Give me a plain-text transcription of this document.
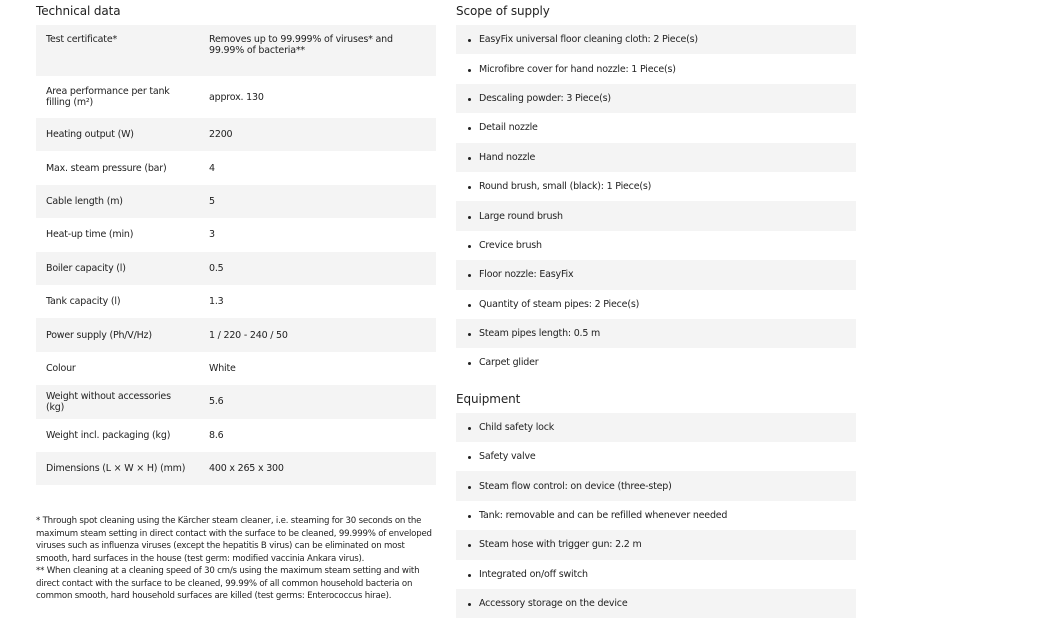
Technical data
Test certificate*	Removes up to 99.999% of viruses* and 99.99% of bacteria**
Area performance per tank filling (m²)	approx. 130
Heating output (W)	2200
Max. steam pressure (bar)	4
Cable length (m)	5
Heat-up time (min)	3
Boiler capacity (l)	0.5
Tank capacity (l)	1.3
Power supply (Ph/V/Hz)	1 / 220 - 240 / 50
Colour	White
Weight without accessories (kg)	5.6
Weight incl. packaging (kg)	8.6
Dimensions (L × W × H) (mm)	400 x 265 x 300

* Through spot cleaning using the Kärcher steam cleaner, i.e. steaming for 30 seconds on the maximum steam setting in direct contact with the surface to be cleaned, 99.999% of enveloped viruses such as influenza viruses (except the hepatitis B virus) can be eliminated on most smooth, hard surfaces in the house (test germ: modified vaccinia Ankara virus).

** When cleaning at a cleaning speed of 30 cm/s using the maximum steam setting and with direct contact with the surface to be cleaned, 99.99% of all common household bacteria on common smooth, hard household surfaces are killed (test germs: Enterococcus hirae).

Scope of supply
EasyFix universal floor cleaning cloth: 2 Piece(s)
Microfibre cover for hand nozzle: 1 Piece(s)
Descaling powder: 3 Piece(s)
Detail nozzle
Hand nozzle
Round brush, small (black): 1 Piece(s)
Large round brush
Crevice brush
Floor nozzle: EasyFix
Quantity of steam pipes: 2 Piece(s)
Steam pipes length: 0.5 m
Carpet glider
Equipment
Child safety lock
Safety valve
Steam flow control: on device (three-step)
Tank: removable and can be refilled whenever needed
Steam hose with trigger gun: 2.2 m
Integrated on/off switch
Accessory storage on the device
